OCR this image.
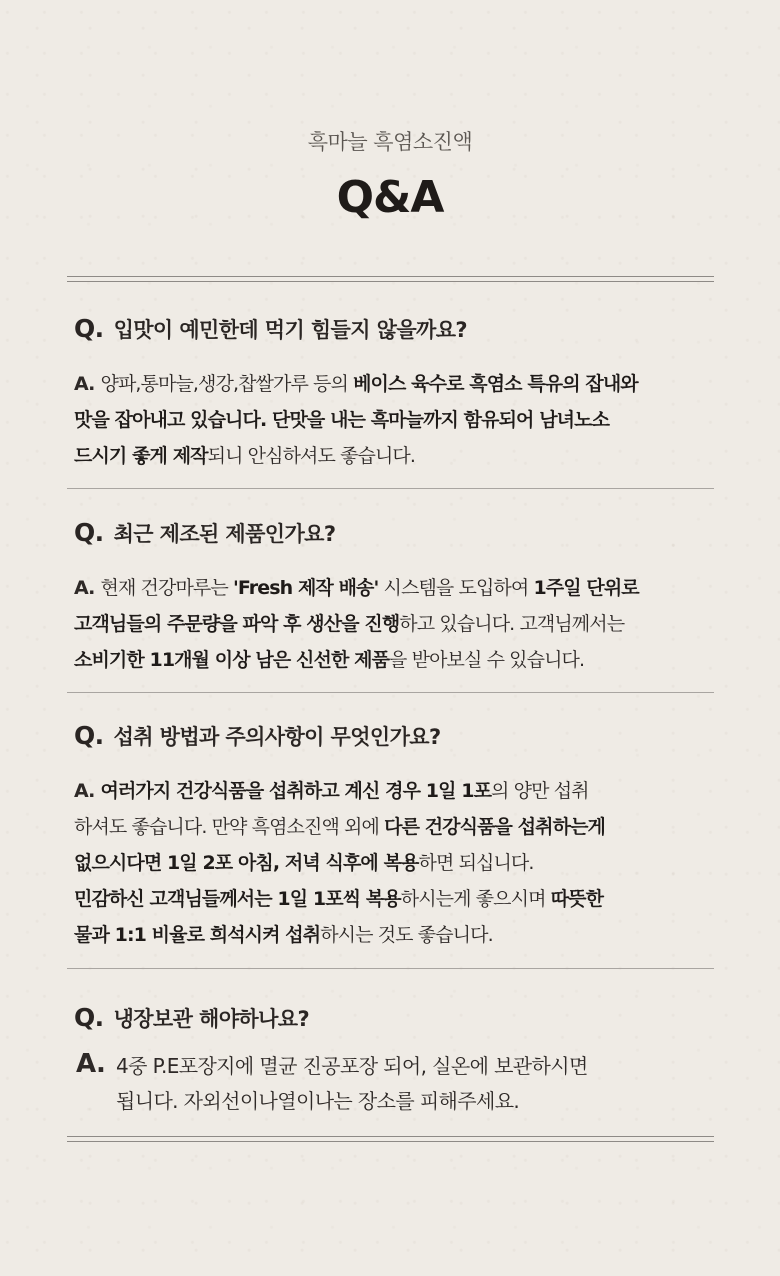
흑마늘 흑염소진액
Q&A
Q. 입맛이 예민한데 먹기 힘들지 않을까요?
A. 양파,통마늘,생강,찹쌀가루 등의 베이스 육수로 흑염소 특유의 잡내와
맛을 잡아내고 있습니다. 단맛을 내는 흑마늘까지 함유되어 남녀노소
드시기 좋게 제작되니 안심하셔도 좋습니다.
Q. 최근 제조된 제품인가요?
A. 현재 건강마루는 'Fresh 제작 배송' 시스템을 도입하여 1주일 단위로
고객님들의 주문량을 파악 후 생산을 진행하고 있습니다. 고객님께서는
소비기한 11개월 이상 남은 신선한 제품을 받아보실 수 있습니다.
Q. 섭취 방법과 주의사항이 무엇인가요?
A. 여러가지 건강식품을 섭취하고 계신 경우 1일 1포의 양만 섭취
하셔도 좋습니다. 만약 흑염소진액 외에 다른 건강식품을 섭취하는게
없으시다면 1일 2포 아침, 저녁 식후에 복용하면 되십니다.
민감하신 고객님들께서는 1일 1포씩 복용하시는게 좋으시며 따뜻한
물과 1:1 비율로 희석시켜 섭취하시는 것도 좋습니다.
Q. 냉장보관 해야하나요?
A. 4중 P.E포장지에 멸균 진공포장 되어, 실온에 보관하시면
됩니다. 자외선이나열이나는 장소를 피해주세요.
